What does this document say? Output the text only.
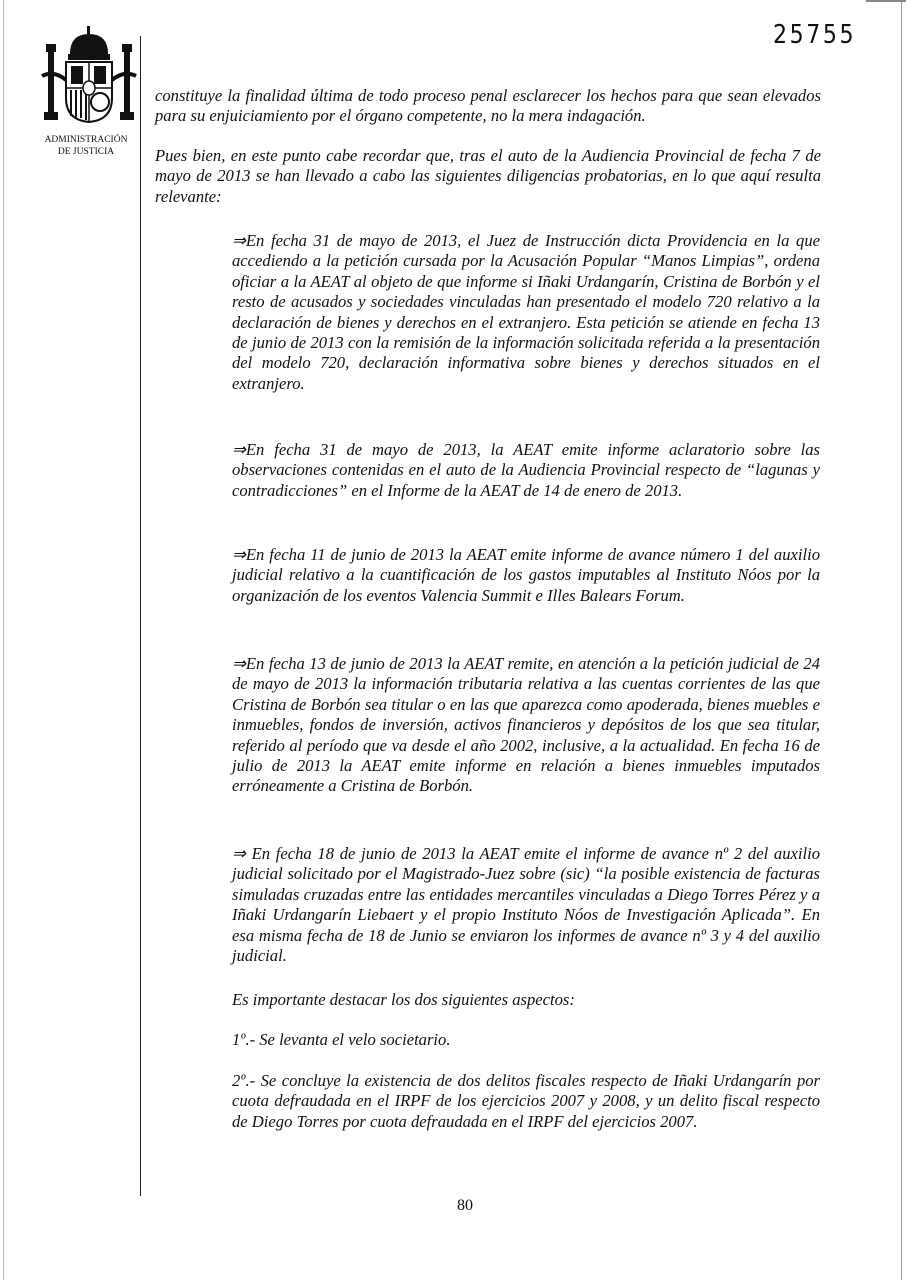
25755
ADMINISTRACIÓN
DE JUSTICIA

constituye la finalidad última de todo proceso penal esclarecer los hechos para que sean elevados para su enjuiciamiento por el órgano competente, no la mera indagación.

Pues bien, en este punto cabe recordar que, tras el auto de la Audiencia Provincial de fecha 7 de mayo de 2013 se han llevado a cabo las siguientes diligencias probatorias, en lo que aquí resulta relevante:

⇒En fecha 31 de mayo de 2013, el Juez de Instrucción dicta Providencia en la que accediendo a la petición cursada por la Acusación Popular “Manos Limpias”, ordena oficiar a la AEAT al objeto de que informe si Iñaki Urdangarín, Cristina de Borbón y el resto de acusados y sociedades vinculadas han presentado el modelo 720 relativo a la declaración de bienes y derechos en el extranjero. Esta petición se atiende en fecha 13 de junio de 2013 con la remisión de la información solicitada referida a la presentación del modelo 720, declaración informativa sobre bienes y derechos situados en el extranjero.

⇒En fecha 31 de mayo de 2013, la AEAT emite informe aclaratorio sobre las observaciones contenidas en el auto de la Audiencia Provincial respecto de “lagunas y contradicciones” en el Informe de la AEAT de 14 de enero de 2013.

⇒En fecha 11 de junio de 2013 la AEAT emite informe de avance número 1 del auxilio judicial relativo a la cuantificación de los gastos imputables al Instituto Nóos por la organización de los eventos Valencia Summit e Illes Balears Forum.

⇒En fecha 13 de junio de 2013 la AEAT remite, en atención a la petición judicial de 24 de mayo de 2013 la información tributaria relativa a las cuentas corrientes de las que Cristina de Borbón sea titular o en las que aparezca como apoderada, bienes muebles e inmuebles, fondos de inversión, activos financieros y depósitos de los que sea titular, referido al período que va desde el año 2002, inclusive, a la actualidad. En fecha 16 de julio de 2013 la AEAT emite informe en relación a bienes inmuebles imputados erróneamente a Cristina de Borbón.

⇒ En fecha 18 de junio de 2013 la AEAT emite el informe de avance nº 2 del auxilio judicial solicitado por el Magistrado-Juez sobre (sic) “la posible existencia de facturas simuladas cruzadas entre las entidades mercantiles vinculadas a Diego Torres Pérez y a Iñaki Urdangarín Liebaert y el propio Instituto Nóos de Investigación Aplicada”. En esa misma fecha de 18 de Junio se enviaron los informes de avance nº 3 y 4 del auxilio judicial.

Es importante destacar los dos siguientes aspectos:

1º.- Se levanta el velo societario.

2º.- Se concluye la existencia de dos delitos fiscales respecto de Iñaki Urdangarín por cuota defraudada en el IRPF de los ejercicios 2007 y 2008, y un delito fiscal respecto de Diego Torres por cuota defraudada en el IRPF del ejercicios 2007.

80
